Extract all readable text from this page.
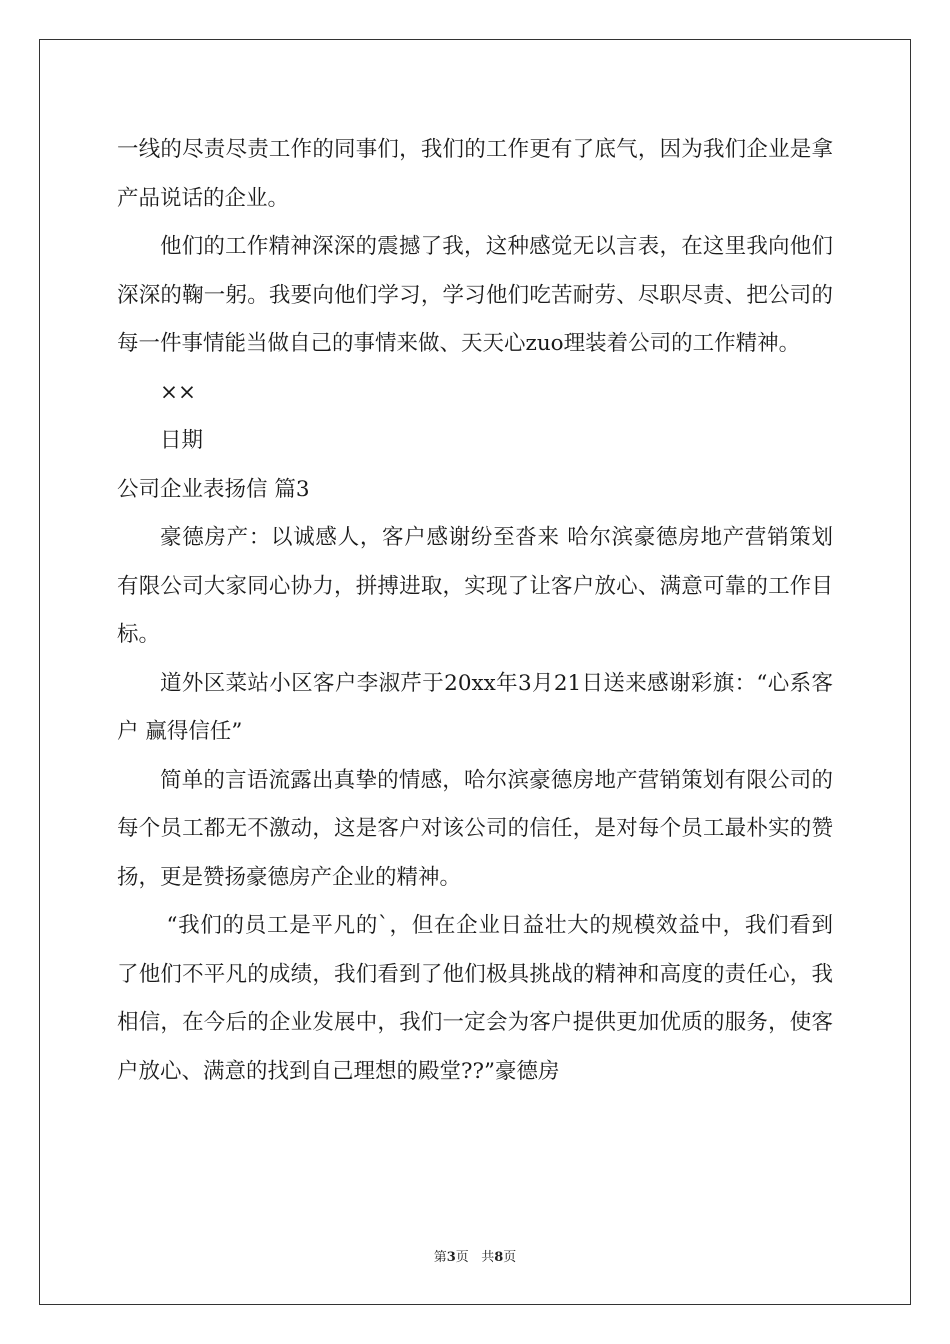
一线的尽责尽责工作的同事们，我们的工作更有了底气，因为我们企业是拿产品说话的企业。

他们的工作精神深深的震撼了我，这种感觉无以言表，在这里我向他们深深的鞠一躬。我要向他们学习，学习他们吃苦耐劳、尽职尽责、把公司的每一件事情能当做自己的事情来做、天天心zuo理装着公司的工作精神。

××

日期

公司企业表扬信 篇3

豪德房产：以诚感人，客户感谢纷至沓来 哈尔滨豪德房地产营销策划有限公司大家同心协力，拼搏进取，实现了让客户放心、满意可靠的工作目标。

道外区菜站小区客户李淑芹于20xx年3月21日送来感谢彩旗：“心系客户 赢得信任”

简单的言语流露出真挚的情感，哈尔滨豪德房地产营销策划有限公司的每个员工都无不激动，这是客户对该公司的信任，是对每个员工最朴实的赞扬，更是赞扬豪德房产企业的精神。

“我们的员工是平凡的`，但在企业日益壮大的规模效益中，我们看到了他们不平凡的成绩，我们看到了他们极具挑战的精神和高度的责任心，我相信，在今后的企业发展中，我们一定会为客户提供更加优质的服务，使客户放心、满意的找到自己理想的殿堂??”豪德房

第3页 共8页
